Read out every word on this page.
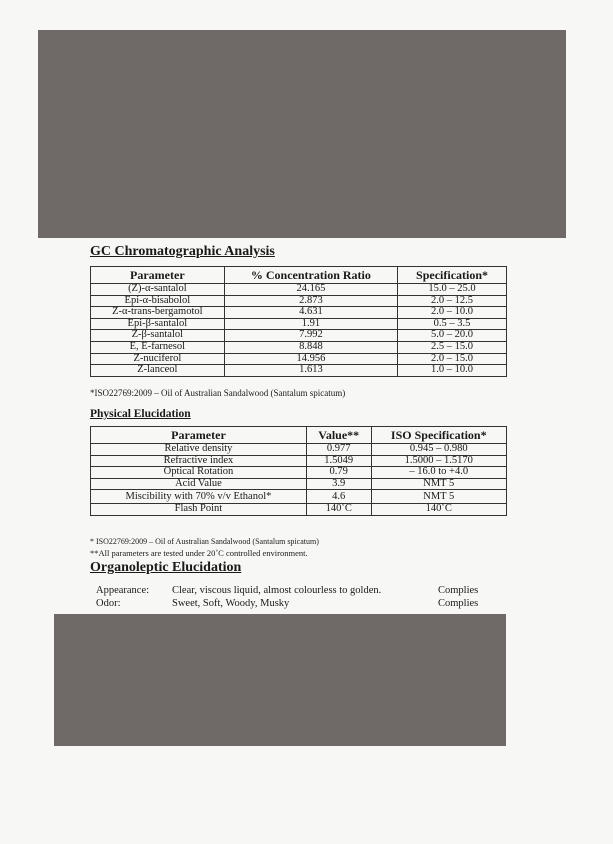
GC Chromatographic Analysis
Parameter	% Concentration Ratio	Specification*
(Z)-α-santalol	24.165	15.0 – 25.0
Epi-α-bisabolol	2.873	2.0 – 12.5
Z-α-trans-bergamotol	4.631	2.0 – 10.0
Epi-β-santalol	1.91	0.5 – 3.5
Z-β-santalol	7.992	5.0 – 20.0
E, E-farnesol	8.848	2.5 – 15.0
Z-nuciferol	14.956	2.0 – 15.0
Z-lanceol	1.613	1.0 – 10.0
*ISO22769:2009 – Oil of Australian Sandalwood (Santalum spicatum)
Physical Elucidation
Parameter	Value**	ISO Specification*
Relative density	0.977	0.945 – 0.980
Refractive index	1.5049	1.5000 – 1.5170
Optical Rotation	0.79	– 16.0 to +4.0
Acid Value	3.9	NMT 5
Miscibility with 70% v/v Ethanol*	4.6	NMT 5
Flash Point	140˚C	140˚C
* ISO22769:2009 – Oil of Australian Sandalwood (Santalum spicatum)
**All parameters are tested under 20˚C controlled environment.
Organoleptic Elucidation
Appearance: Clear, viscous liquid, almost colourless to golden.	Complies
Odor:	Sweet, Soft, Woody, Musky	Complies
